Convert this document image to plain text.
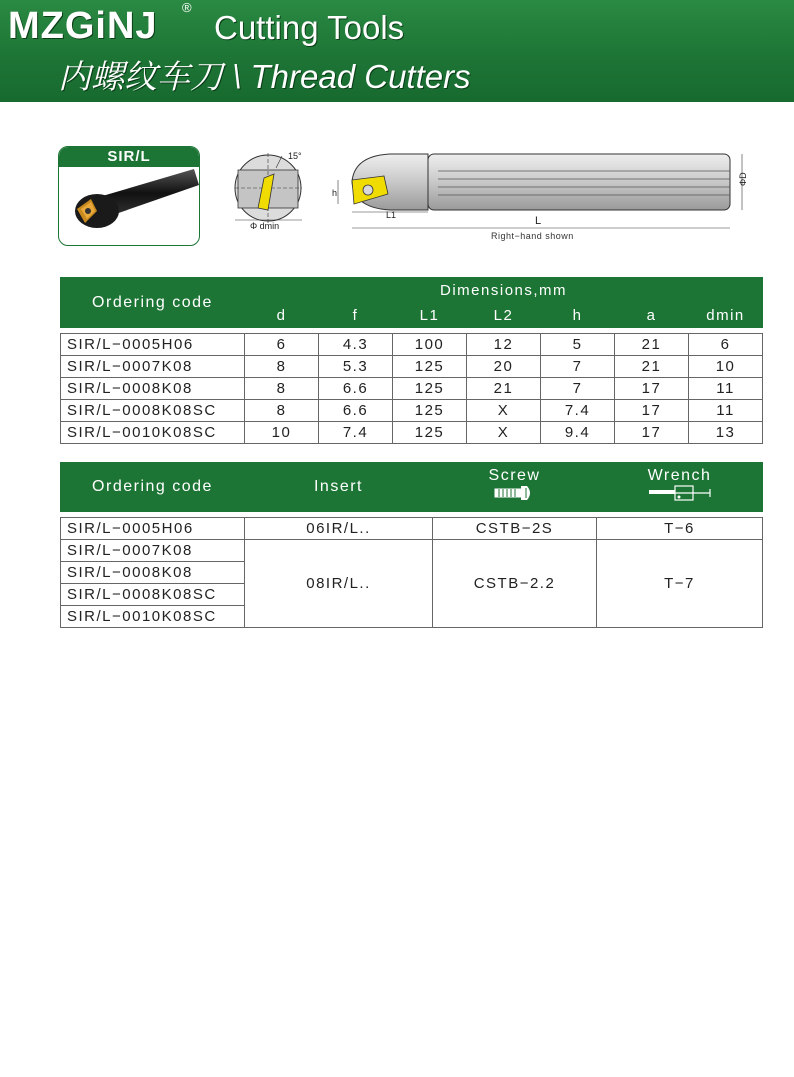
MZGiNJ ®
Cutting Tools
内螺纹车刀 \ Thread Cutters
SIR/L	15°
Φ dmin
h
L1	L
ΦD
Right−hand shown
Ordering code	Dimensions,mm						
	d	f	L1	L2	h	a	dmin

SIR/L−0005H06	6	4.3	100	12	5	21	6
SIR/L−0007K08	8	5.3	125	20	7	21	10
SIR/L−0008K08	8	6.6	125	21	7	17	11
SIR/L−0008K08SC	8	6.6	125	X	7.4	17	11
SIR/L−0010K08SC	10	7.4	125	X	9.4	17	13
Ordering code	Insert	Screw	Wrench

SIR/L−0005H06	06IR/L..	CSTB−2S	T−6
SIR/L−0007K08	08IR/L..	CSTB−2.2	T−7
SIR/L−0008K08			
SIR/L−0008K08SC			
SIR/L−0010K08SC			
